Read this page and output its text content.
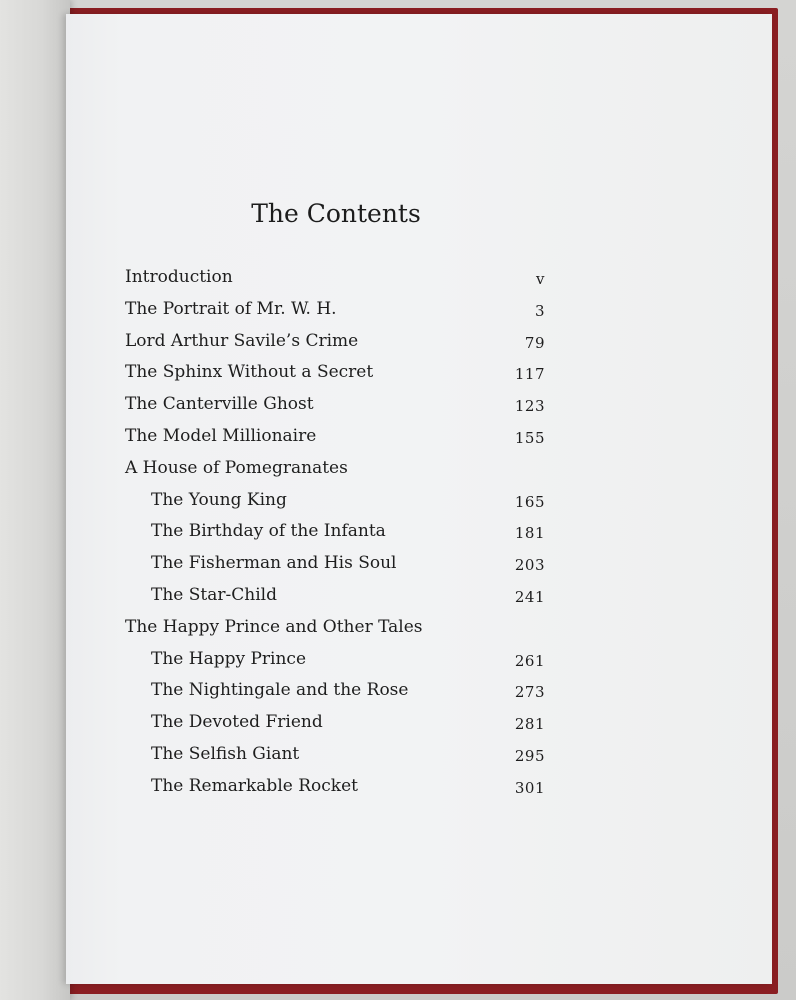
The Contents
Introduction	v
The Portrait of Mr. W. H.	3
Lord Arthur Savile’s Crime	79
The Sphinx Without a Secret	117
The Canterville Ghost	123
The Model Millionaire	155
A House of Pomegranates
The Young King	165
The Birthday of the Infanta	181
The Fisherman and His Soul	203
The Star-Child	241
The Happy Prince and Other Tales
The Happy Prince	261
The Nightingale and the Rose	273
The Devoted Friend	281
The Selfish Giant	295
The Remarkable Rocket	301
